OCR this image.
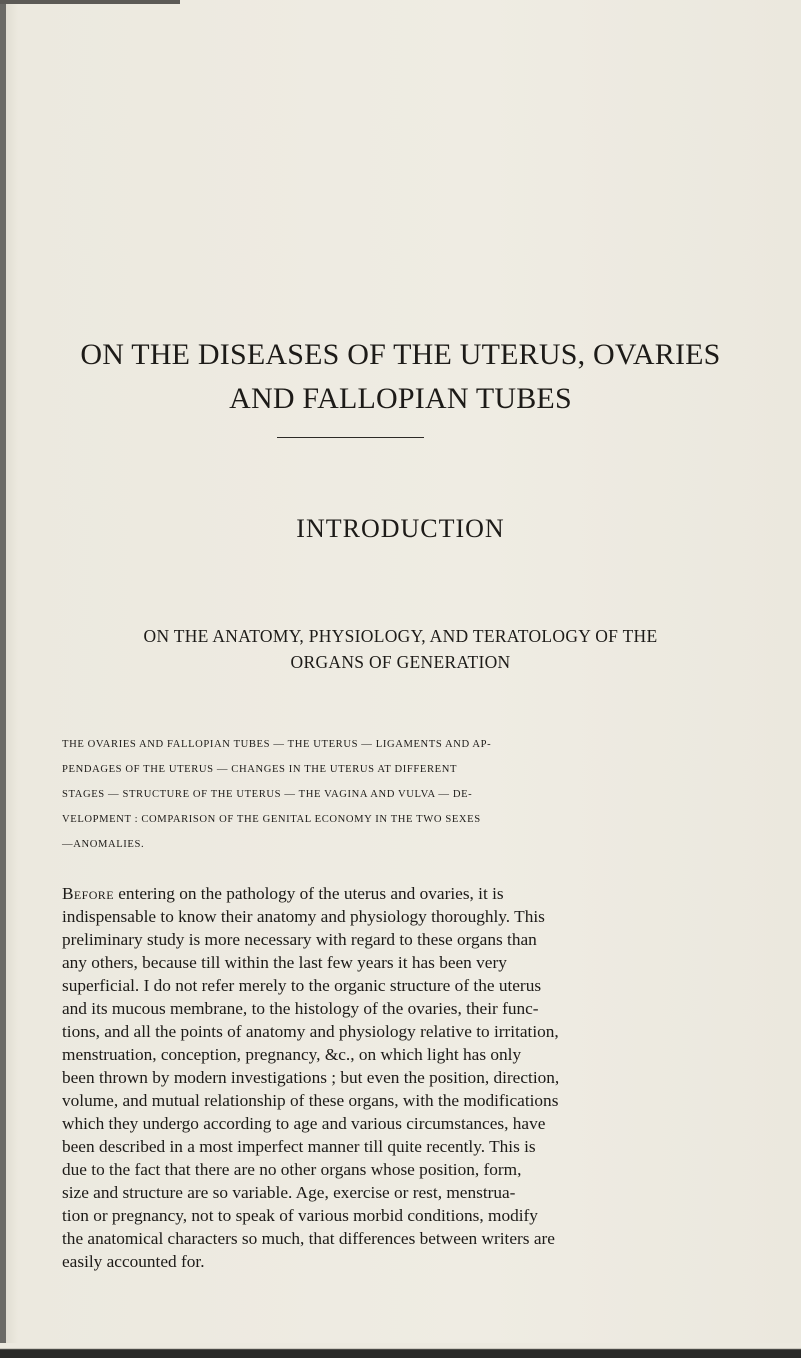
ON THE DISEASES OF THE UTERUS, OVARIES
AND FALLOPIAN TUBES
INTRODUCTION
ON THE ANATOMY, PHYSIOLOGY, AND TERATOLOGY OF THE
ORGANS OF GENERATION

THE OVARIES AND FALLOPIAN TUBES — THE UTERUS — LIGAMENTS AND AP-

PENDAGES OF THE UTERUS — CHANGES IN THE UTERUS AT DIFFERENT

STAGES — STRUCTURE OF THE UTERUS — THE VAGINA AND VULVA — DE-

VELOPMENT : COMPARISON OF THE GENITAL ECONOMY IN THE TWO SEXES

—ANOMALIES.

Before entering on the pathology of the uterus and ovaries, it is

indispensable to know their anatomy and physiology thoroughly. This

preliminary study is more necessary with regard to these organs than

any others, because till within the last few years it has been very

superficial. I do not refer merely to the organic structure of the uterus

and its mucous membrane, to the histology of the ovaries, their func-

tions, and all the points of anatomy and physiology relative to irritation,

menstruation, conception, pregnancy, &c., on which light has only

been thrown by modern investigations ; but even the position, direction,

volume, and mutual relationship of these organs, with the modifications

which they undergo according to age and various circumstances, have

been described in a most imperfect manner till quite recently. This is

due to the fact that there are no other organs whose position, form,

size and structure are so variable. Age, exercise or rest, menstrua-

tion or pregnancy, not to speak of various morbid conditions, modify

the anatomical characters so much, that differences between writers are

easily accounted for.
